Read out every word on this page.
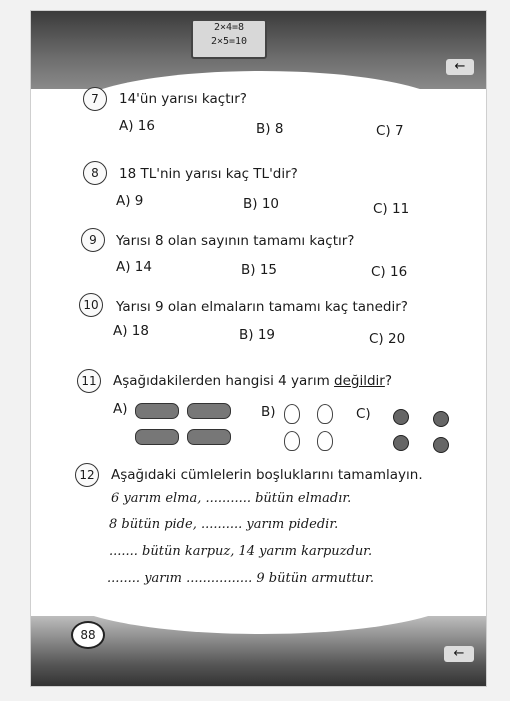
2×4=8
2×5=10
←
7	14'ün yarısı kaçtır?
A) 16	B) 8	C) 7
8	18 TL'nin yarısı kaç TL'dir?
A) 9	B) 10	C) 11
9	Yarısı 8 olan sayının tamamı kaçtır?
A) 14	B) 15	C) 16
10	Yarısı 9 olan elmaların tamamı kaç tanedir?
A) 18	B) 19	C) 20
11	Aşağıdakilerden hangisi 4 yarım değildir?
A)	B)	C)
12	Aşağıdaki cümlelerin boşluklarını tamamlayın.
6 yarım elma, ........... bütün elmadır.
8 bütün pide, .......... yarım pidedir.
....... bütün karpuz, 14 yarım karpuzdur.
........ yarım ................ 9 bütün armuttur.
←
88
